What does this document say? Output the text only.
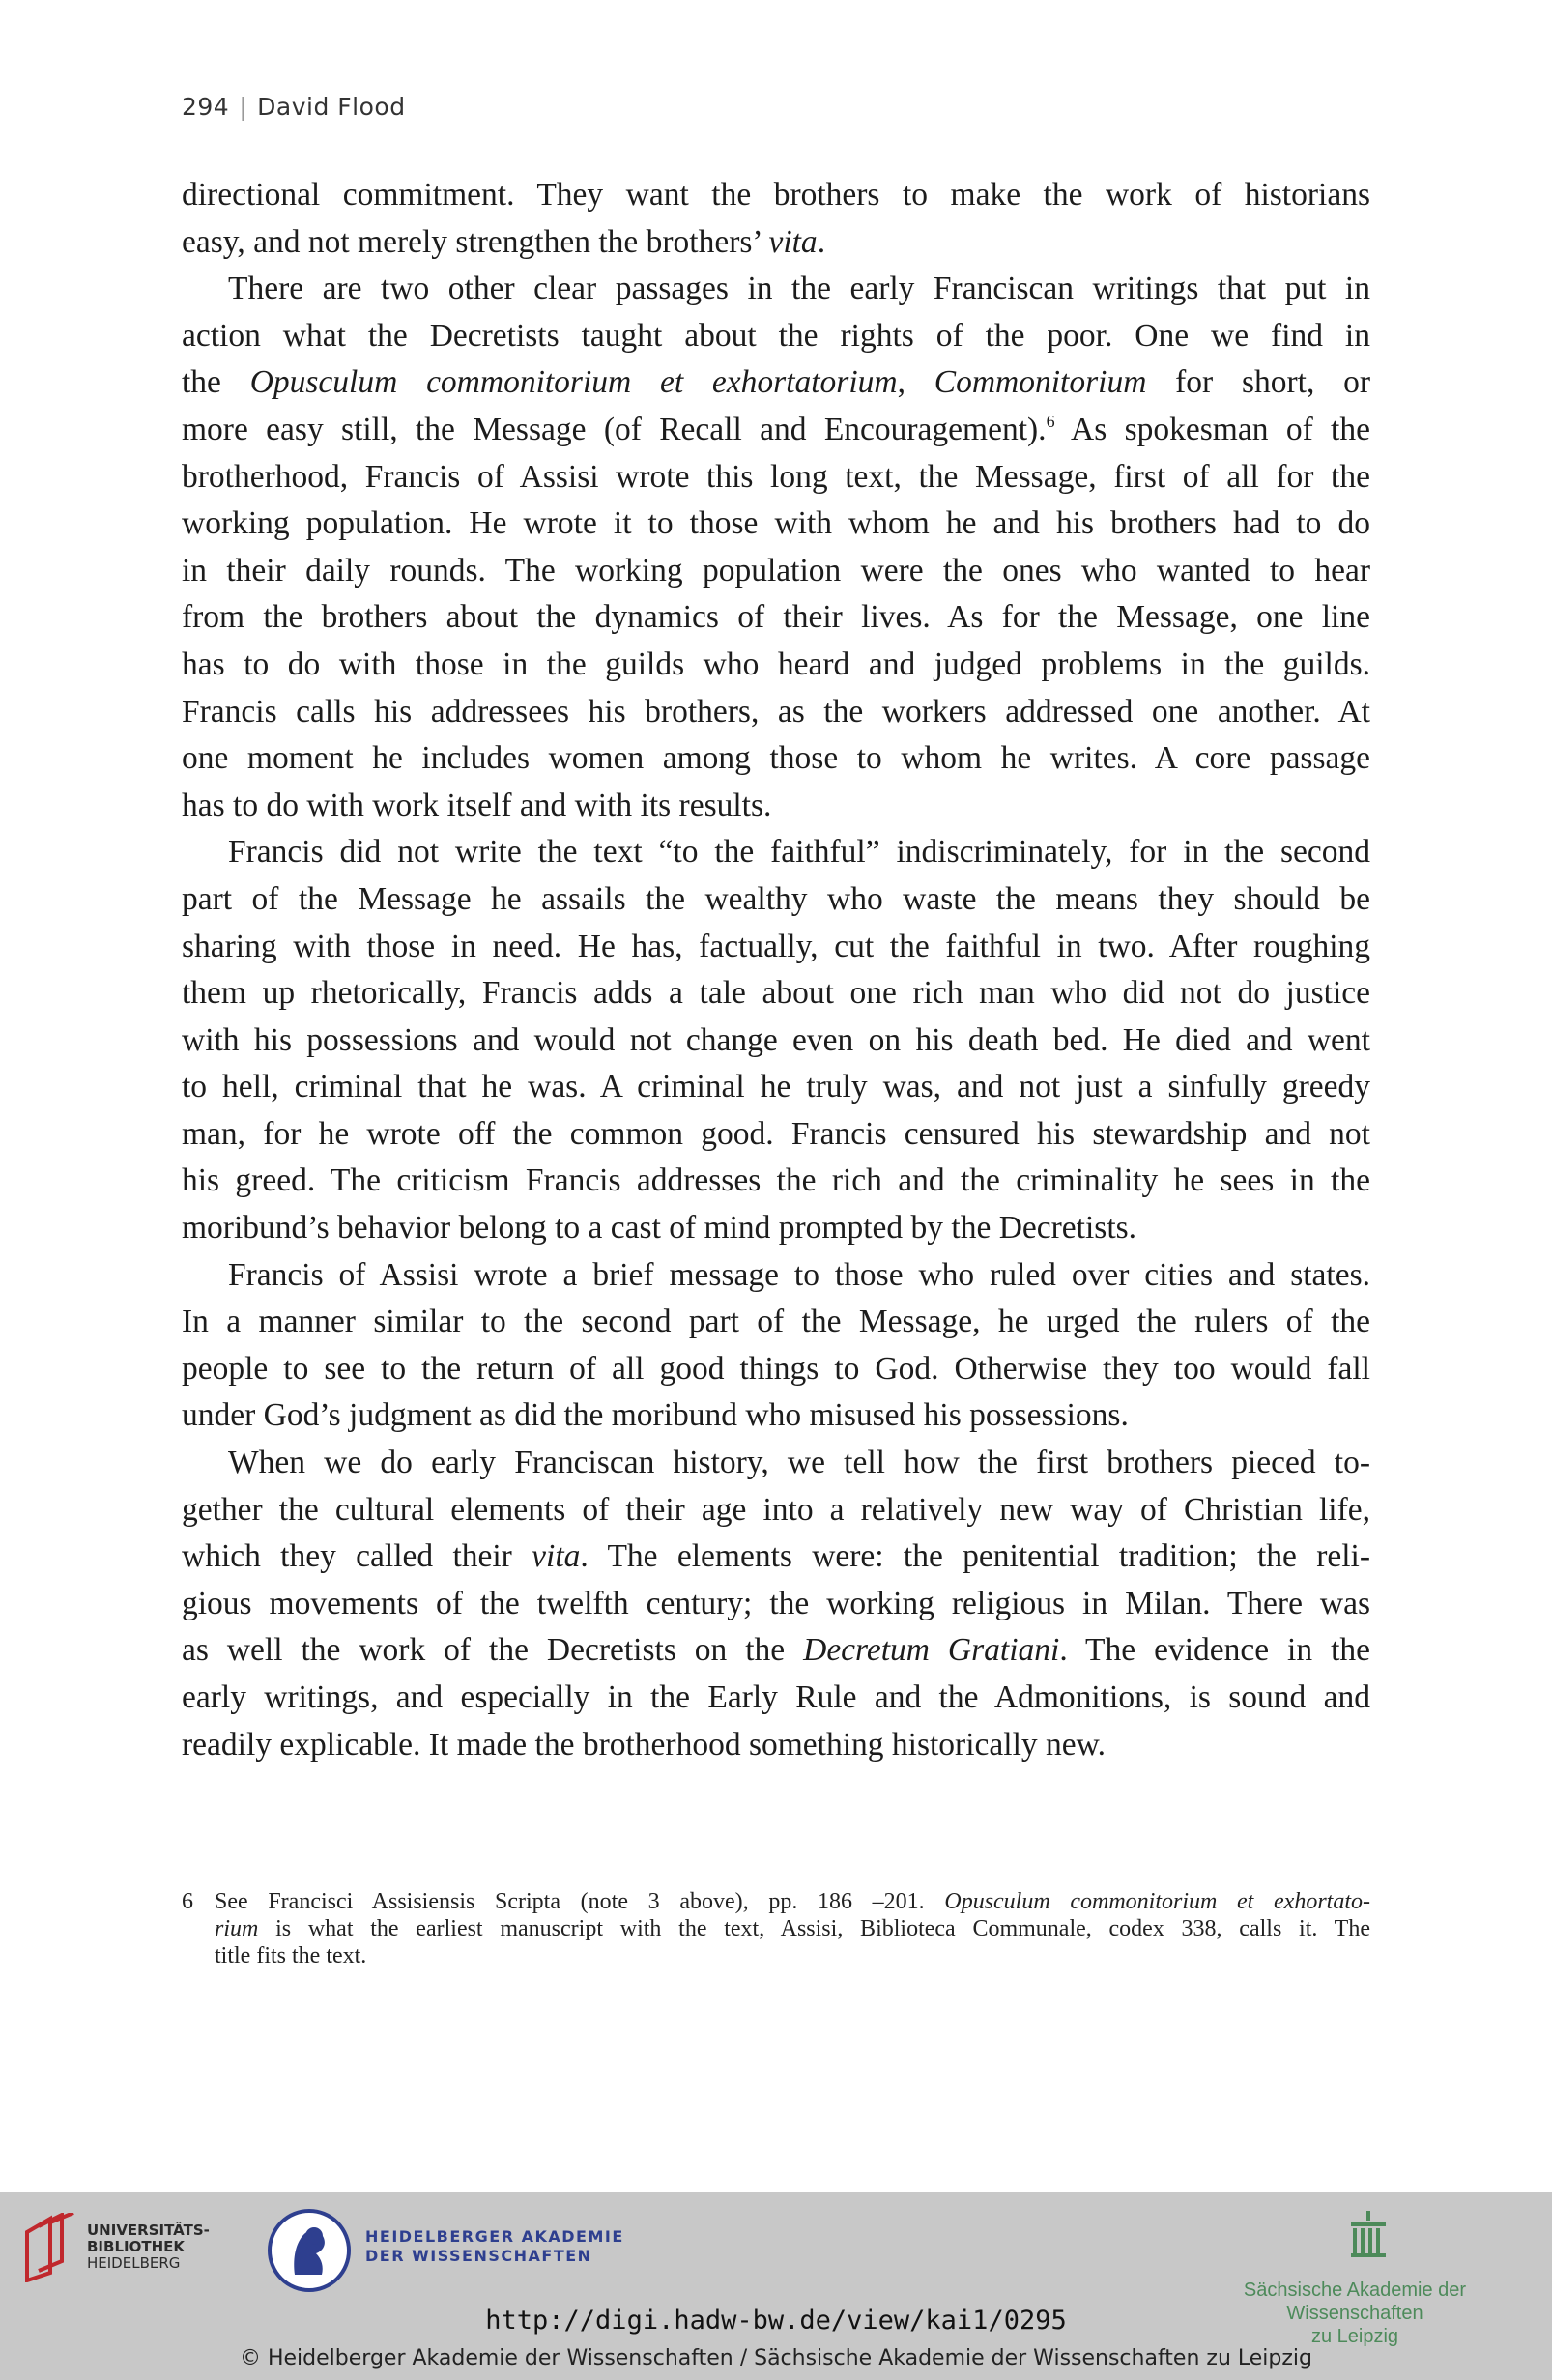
294 | David Flood

directional commitment. They want the brothers to make the work of historians
easy, and not merely strengthen the brothers’ vita.

There are two other clear passages in the early Franciscan writings that put in
action what the Decretists taught about the rights of the poor. One we find in
the Opusculum commonitorium et exhortatorium, Commonitorium for short, or
more easy still, the Message (of Recall and Encouragement).$^6$ As spokesman of the
brotherhood, Francis of Assisi wrote this long text, the Message, first of all for the
working population. He wrote it to those with whom he and his brothers had to do
in their daily rounds. The working population were the ones who wanted to hear
from the brothers about the dynamics of their lives. As for the Message, one line
has to do with those in the guilds who heard and judged problems in the guilds.
Francis calls his addressees his brothers, as the workers addressed one another. At
one moment he includes women among those to whom he writes. A core passage
has to do with work itself and with its results.

Francis did not write the text “to the faithful” indiscriminately, for in the second
part of the Message he assails the wealthy who waste the means they should be
sharing with those in need. He has, factually, cut the faithful in two. After roughing
them up rhetorically, Francis adds a tale about one rich man who did not do justice
with his possessions and would not change even on his death bed. He died and went
to hell, criminal that he was. A criminal he truly was, and not just a sinfully greedy
man, for he wrote off the common good. Francis censured his stewardship and not
his greed. The criticism Francis addresses the rich and the criminality he sees in the
moribund’s behavior belong to a cast of mind prompted by the Decretists.

Francis of Assisi wrote a brief message to those who ruled over cities and states.
In a manner similar to the second part of the Message, he urged the rulers of the
people to see to the return of all good things to God. Otherwise they too would fall
under God’s judgment as did the moribund who misused his possessions.

When we do early Franciscan history, we tell how the first brothers pieced to-
gether the cultural elements of their age into a relatively new way of Christian life,
which they called their vita. The elements were: the penitential tradition; the reli-
gious movements of the twelfth century; the working religious in Milan. There was
as well the work of the Decretists on the Decretum Gratiani. The evidence in the
early writings, and especially in the Early Rule and the Admonitions, is sound and
readily explicable. It made the brotherhood something historically new.

6 See Francisci Assisiensis Scripta (note 3 above), pp. 186 –201. Opusculum commonitorium et exhortato-
rium is what the earliest manuscript with the text, Assisi, Biblioteca Communale, codex 338, calls it. The
title fits the text.
UNIVERSITÄTS-
BIBLIOTHEK
HEIDELBERG
HEIDELBERGER AKADEMIE
DER WISSENSCHAFTEN
Sächsische Akademie der Wissenschaften
zu Leipzig
http://digi.hadw-bw.de/view/kai1/0295
© Heidelberger Akademie der Wissenschaften / Sächsische Akademie der Wissenschaften zu Leipzig
